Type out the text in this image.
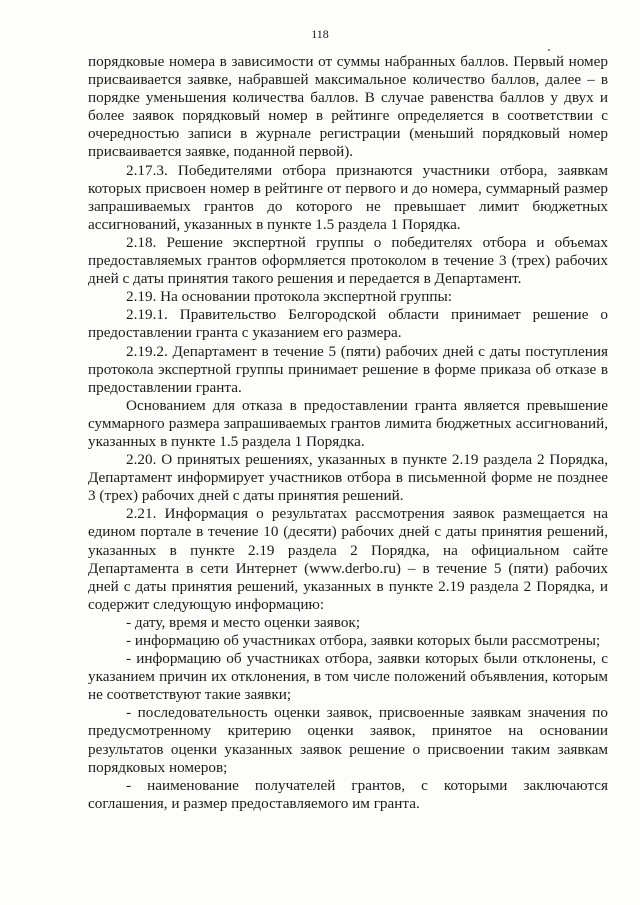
118

порядковые номера в зависимости от суммы набранных баллов. Первый номер присваивается заявке, набравшей максимальное количество баллов, далее – в порядке уменьшения количества баллов. В случае равенства баллов у двух и более заявок порядковый номер в рейтинге определяется в соответствии с очередностью записи в журнале регистрации (меньший порядковый номер присваивается заявке, поданной первой).

2.17.3. Победителями отбора признаются участники отбора, заявкам которых присвоен номер в рейтинге от первого и до номера, суммарный размер запрашиваемых грантов до которого не превышает лимит бюджетных ассигнований, указанных в пункте 1.5 раздела 1 Порядка.

2.18. Решение экспертной группы о победителях отбора и объемах предоставляемых грантов оформляется протоколом в течение 3 (трех) рабочих дней с даты принятия такого решения и передается в Департамент.

2.19. На основании протокола экспертной группы:

2.19.1. Правительство Белгородской области принимает решение о предоставлении гранта с указанием его размера.

2.19.2. Департамент в течение 5 (пяти) рабочих дней с даты поступления протокола экспертной группы принимает решение в форме приказа об отказе в предоставлении гранта.

Основанием для отказа в предоставлении гранта является превышение суммарного размера запрашиваемых грантов лимита бюджетных ассигнований, указанных в пункте 1.5 раздела 1 Порядка.

2.20. О принятых решениях, указанных в пункте 2.19 раздела 2 Порядка, Департамент информирует участников отбора в письменной форме не позднее 3 (трех) рабочих дней с даты принятия решений.

2.21. Информация о результатах рассмотрения заявок размещается на едином портале в течение 10 (десяти) рабочих дней с даты принятия решений, указанных в пункте 2.19 раздела 2 Порядка, на официальном сайте Департамента в сети Интернет (www.derbo.ru) – в течение 5 (пяти) рабочих дней с даты принятия решений, указанных в пункте 2.19 раздела 2 Порядка, и содержит следующую информацию:

- дату, время и место оценки заявок;

- информацию об участниках отбора, заявки которых были рассмотрены;

- информацию об участниках отбора, заявки которых были отклонены, с указанием причин их отклонения, в том числе положений объявления, которым не соответствуют такие заявки;

- последовательность оценки заявок, присвоенные заявкам значения по предусмотренному критерию оценки заявок, принятое на основании результатов оценки указанных заявок решение о присвоении таким заявкам порядковых номеров;

- наименование получателей грантов, с которыми заключаются соглашения, и размер предоставляемого им гранта.
